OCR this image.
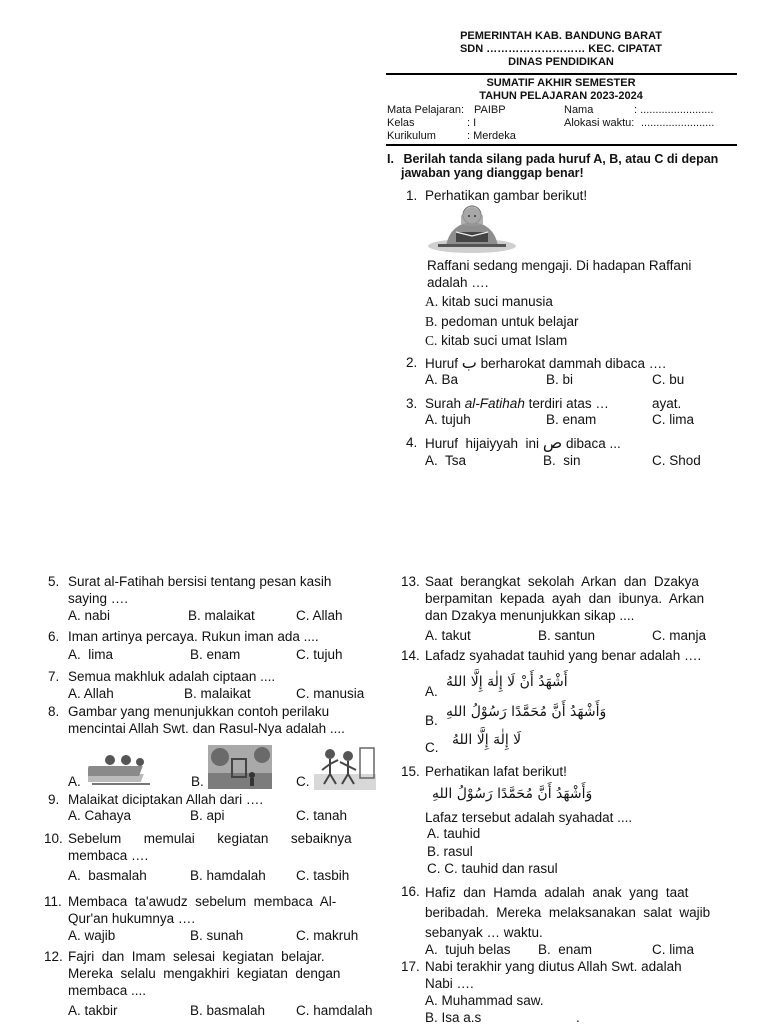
PEMERINTAH KAB. BANDUNG BARAT
SDN ……………………… KEC. CIPATAT
DINAS PENDIDIKAN
SUMATIF AKHIR SEMESTER
TAHUN PELAJARAN 2023-2024
Mata Pelajaran: PAIBP	Nama	: ........................
Kelas	: I	Alokasi waktu: ........................
Kurikulum	: Merdeka
I. Berilah tanda silang pada huruf A, B, atau C di depan
jawaban yang dianggap benar!
1. Perhatikan gambar berikut!
Raffani sedang mengaji. Di hadapan Raffani
adalah ….
A. kitab suci manusia
B. pedoman untuk belajar
C. kitab suci umat Islam
2. Huruf ب berharokat dammah dibaca ….
A. Ba	B. bi	C. bu
3. Surah al-Fatihah terdiri atas …	ayat.
A. tujuh	B. enam	C. lima
4. Huruf  hijaiyyah  ini ص dibaca ...
A.  Tsa	B.  sin	C. Shod
5. Surat al-Fatihah bersisi tentang pesan kasih
saying ….
A. nabi	B. malaikat	C. Allah
6. Iman artinya percaya. Rukun iman ada ....
A.  lima	B. enam	C. tujuh
7. Semua makhluk adalah ciptaan ....
A. Allah	B. malaikat	C. manusia
8. Gambar yang menunjukkan contoh perilaku
mencintai Allah Swt. dan Rasul-Nya adalah ....
A.	B.	C.
9. Malaikat diciptakan Allah dari ….
A. Cahaya	B. api	C. tanah
10. Sebelum      memulai      kegiatan      sebaiknya
membaca ….
A.  basmalah	B. hamdalah C. tasbih
11. Membaca  ta'awudz  sebelum  membaca  Al-
Qur'an hukumnya ….
A. wajib	B. sunah	C. makruh
12. Fajri  dan  Imam  selesai  kegiatan  belajar.
Mereka  selalu  mengakhiri  kegiatan  dengan
membaca ....
A. takbir	B. basmalah C. hamdalah
13. Saat  berangkat  sekolah  Arkan  dan  Dzakya
berpamitan  kepada  ayah  dan  ibunya.  Arkan
dan Dzakya menunjukkan sikap ....
A. takut	B. santun	C. manja
14. Lafadz syahadat tauhid yang benar adalah ….
A.
أَشْهَدُ أَنْ لَا إِلٰهَ إِلَّا اللهُ
B.
وَأَشْهَدُ أَنَّ مُحَمَّدًا رَسُوْلُ اللهِ
C. لَا إِلٰهَ إِلَّا اللهُ
15. Perhatikan lafat berikut!
وَأَشْهَدُ أَنَّ مُحَمَّدًا رَسُوْلُ اللهِ
Lafaz tersebut adalah syahadat ....
A. tauhid
B. rasul
C. C. tauhid dan rasul
16. Hafiz  dan  Hamda  adalah  anak  yang  taat
beribadah.  Mereka  melaksanakan  salat  wajib
sebanyak … waktu.
A.  tujuh belas B.  enam	C. lima
17. Nabi terakhir yang diutus Allah Swt. adalah
Nabi ….
A. Muhammad saw.
B. Isa a.s	.
